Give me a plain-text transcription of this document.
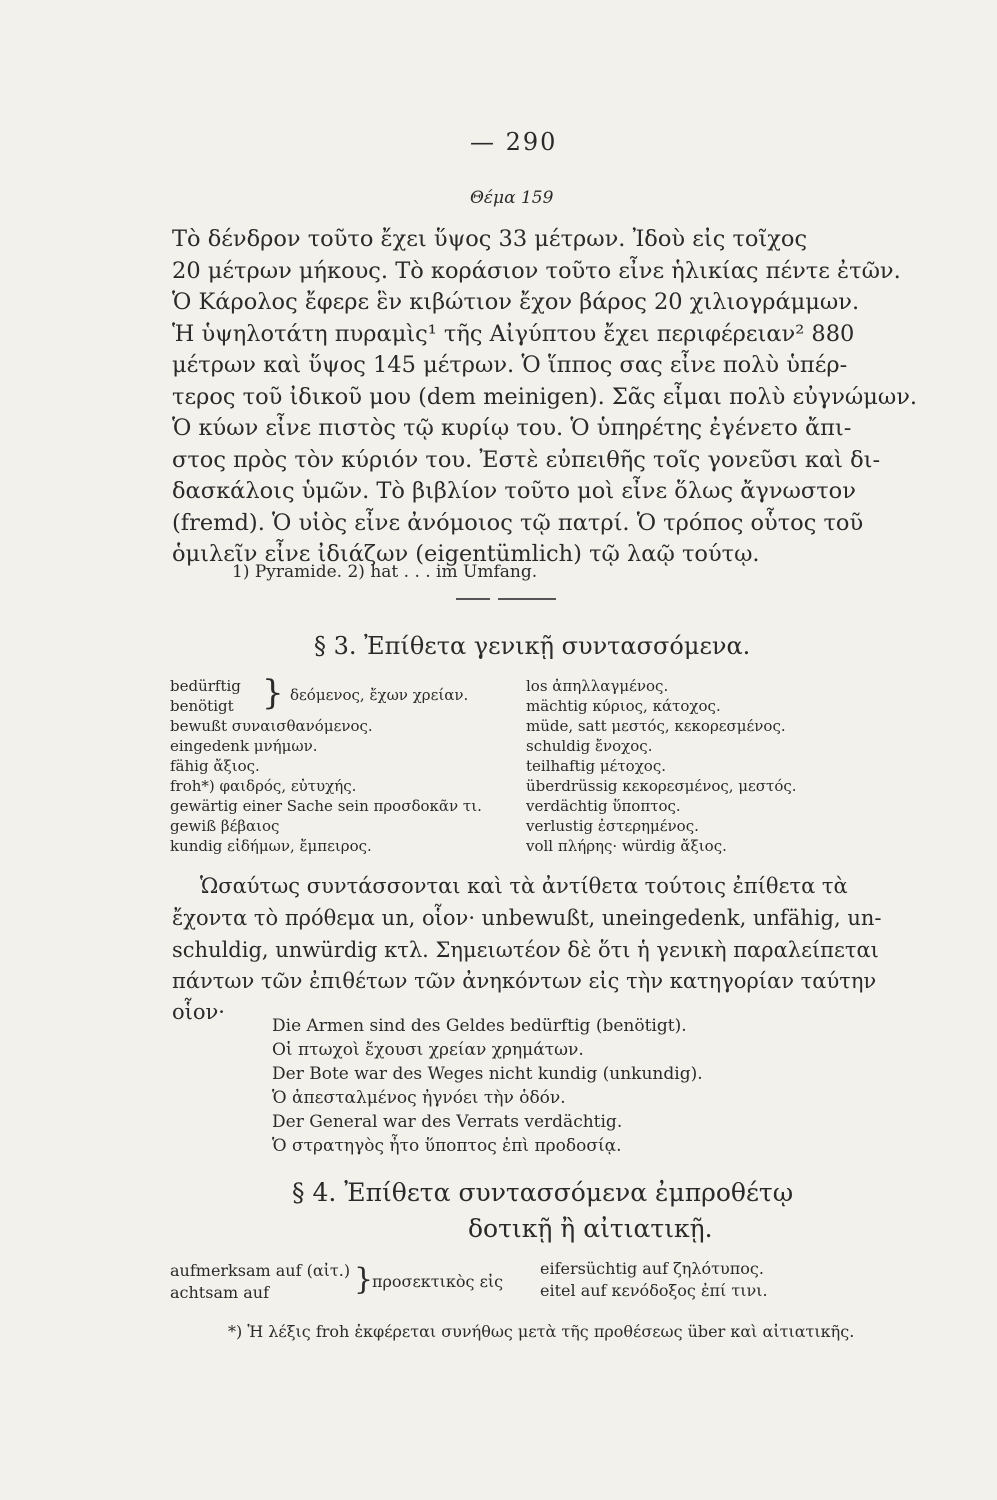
— 290
Θέμα 159
Τὸ δένδρον τοῦτο ἔχει ὕψος 33 μέτρων. Ἰδοὺ εἰς τοῖχος
20 μέτρων μήκους. Τὸ κοράσιον τοῦτο εἶνε ἡλικίας πέντε ἐτῶν.
Ὁ Κάρολος ἔφερε ἓν κιβώτιον ἔχον βάρος 20 χιλιογράμμων.
Ἡ ὑψηλοτάτη πυραμὶς¹ τῆς Αἰγύπτου ἔχει περιφέρειαν² 880
μέτρων καὶ ὕψος 145 μέτρων. Ὁ ἵππος σας εἶνε πολὺ ὑπέρ-
τερος τοῦ ἰδικοῦ μου (dem meinigen). Σᾶς εἶμαι πολὺ εὐγνώμων.
Ὁ κύων εἶνε πιστὸς τῷ κυρίῳ του. Ὁ ὑπηρέτης ἐγένετο ἄπι-
στος πρὸς τὸν κύριόν του. Ἐστὲ εὐπειθῆς τοῖς γονεῦσι καὶ δι-
δασκάλοις ὑμῶν. Τὸ βιβλίον τοῦτο μοὶ εἶνε ὅλως ἄγνωστον
(fremd). Ὁ υἱὸς εἶνε ἀνόμοιος τῷ πατρί. Ὁ τρόπος οὗτος τοῦ
ὁμιλεῖν εἶνε ἰδιάζων (eigentümlich) τῷ λαῷ τούτῳ.
1) Pyramide. 2) hat . . . im Umfang.
§ 3. Ἐπίθετα γενικῇ συντασσόμενα.
bedürftig
benötigt
bewußt συναισθανόμενος.
eingedenk μνήμων.
fähig ἄξιος.
froh*) φαιδρός, εὐτυχής.
gewärtig einer Sache sein προσδοκᾶν τι.
gewiß βέβαιος
kundig εἰδήμων, ἔμπειρος.
} δεόμενος, ἔχων χρείαν.	los ἀπηλλαγμένος.
mächtig κύριος, κάτοχος.
müde, satt μεστός, κεκορεσμένος.
schuldig ἔνοχος.
teilhaftig μέτοχος.
überdrüssig κεκορεσμένος, μεστός.
verdächtig ὕποπτος.
verlustig ἐστερημένος.
voll πλήρης· würdig ἄξιος.
Ὡσαύτως συντάσσονται καὶ τὰ ἀντίθετα τούτοις ἐπίθετα τὰ
ἔχοντα τὸ πρόθεμα un, οἷον· unbewußt, uneingedenk, unfähig, un-
schuldig, unwürdig κτλ. Σημειωτέον δὲ ὅτι ἡ γενικὴ παραλείπεται
πάντων τῶν ἐπιθέτων τῶν ἀνηκόντων εἰς τὴν κατηγορίαν ταύτην
οἷον·
Die Armen sind des Geldes bedürftig (benötigt).
Οἱ πτωχοὶ ἔχουσι χρείαν χρημάτων.
Der Bote war des Weges nicht kundig (unkundig).
Ὁ ἀπεσταλμένος ἠγνόει τὴν ὁδόν.
Der General war des Verrats verdächtig.
Ὁ στρατηγὸς ἦτο ὕποπτος ἐπὶ προδοσίᾳ.
§ 4. Ἐπίθετα συντασσόμενα ἐμπροθέτῳ
δοτικῇ ἢ αἰτιατικῇ.
aufmerksam auf (αἰτ.)
achtsam auf	}
προσεκτικὸς εἰς
eifersüchtig auf ζηλότυπος.
eitel auf κενόδοξος ἐπί τινι.
*) Ἡ λέξις froh ἐκφέρεται συνήθως μετὰ τῆς προθέσεως über καὶ αἰτιατικῆς.
